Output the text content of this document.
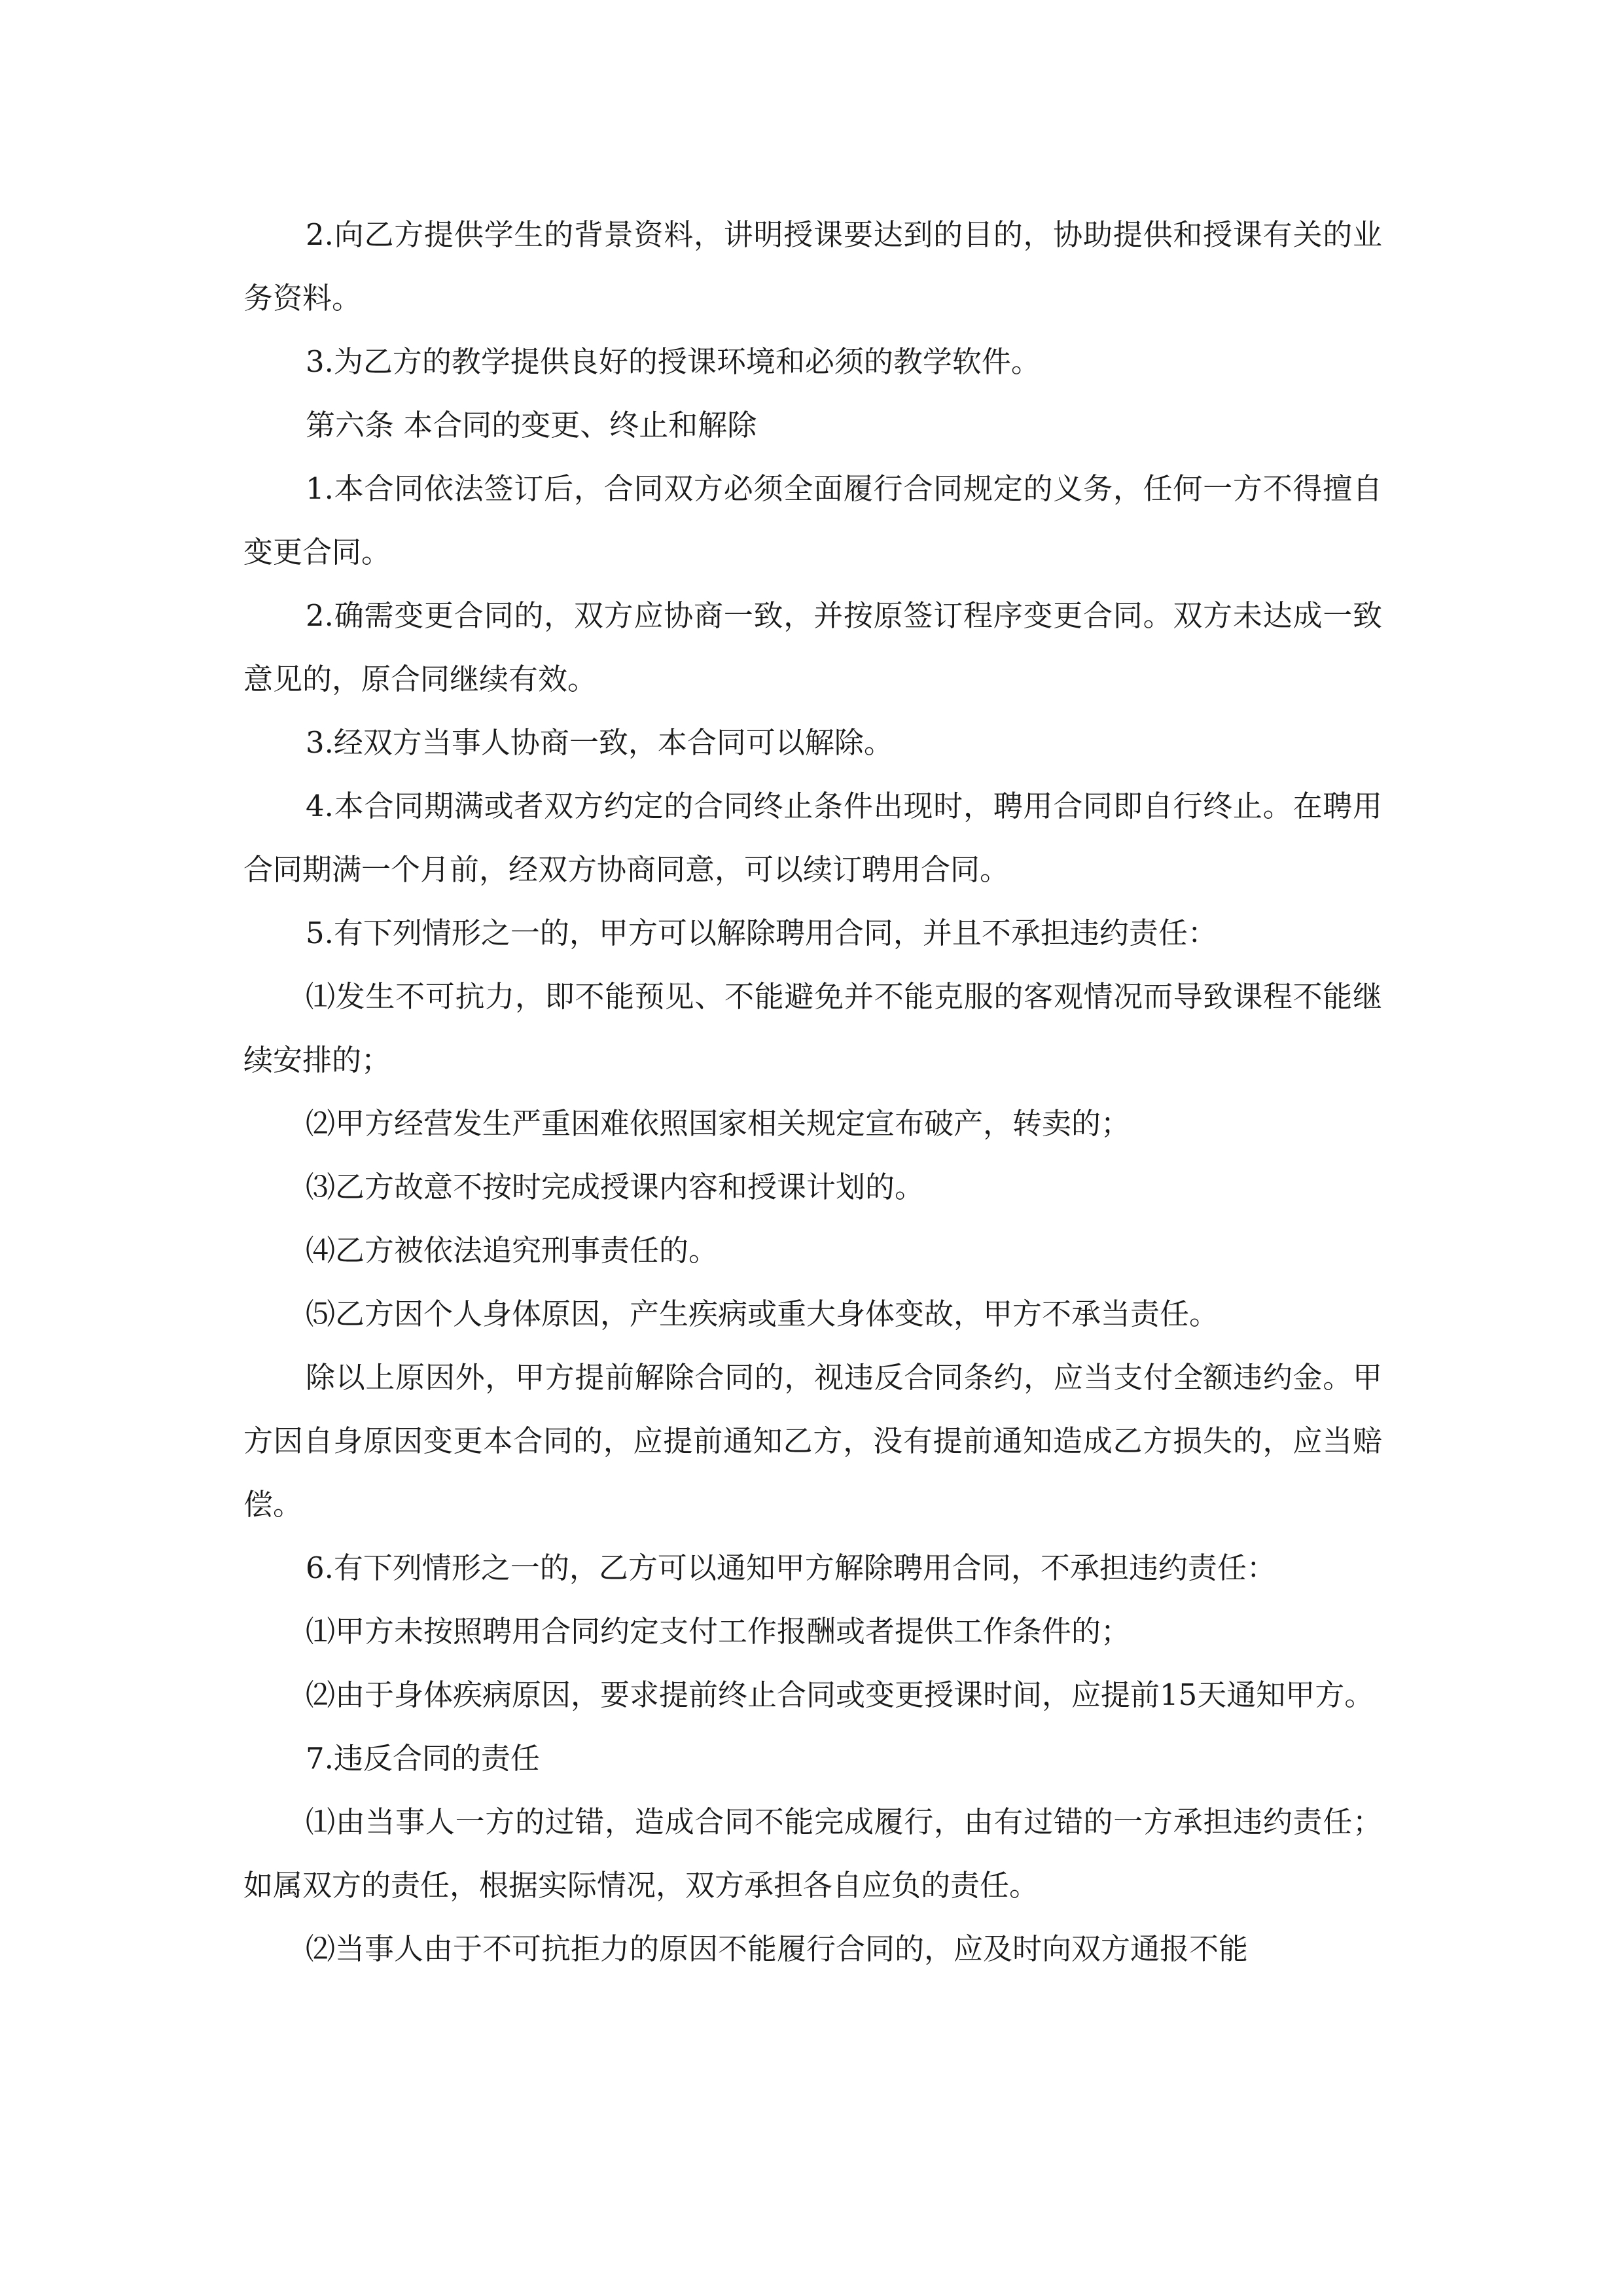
2.向乙方提供学生的背景资料，讲明授课要达到的目的，协助提供和授课有关的业务资料。

3.为乙方的教学提供良好的授课环境和必须的教学软件。

第六条 本合同的变更、终止和解除

1.本合同依法签订后，合同双方必须全面履行合同规定的义务，任何一方不得擅自变更合同。

2.确需变更合同的，双方应协商一致，并按原签订程序变更合同。双方未达成一致意见的，原合同继续有效。

3.经双方当事人协商一致，本合同可以解除。

4.本合同期满或者双方约定的合同终止条件出现时，聘用合同即自行终止。在聘用合同期满一个月前，经双方协商同意，可以续订聘用合同。

5.有下列情形之一的，甲方可以解除聘用合同，并且不承担违约责任：

⑴发生不可抗力，即不能预见、不能避免并不能克服的客观情况而导致课程不能继续安排的；

⑵甲方经营发生严重困难依照国家相关规定宣布破产，转卖的；

⑶乙方故意不按时完成授课内容和授课计划的。

⑷乙方被依法追究刑事责任的。

⑸乙方因个人身体原因，产生疾病或重大身体变故，甲方不承当责任。

除以上原因外，甲方提前解除合同的，视违反合同条约，应当支付全额违约金。甲方因自身原因变更本合同的，应提前通知乙方，没有提前通知造成乙方损失的，应当赔偿。

6.有下列情形之一的，乙方可以通知甲方解除聘用合同，不承担违约责任：

⑴甲方未按照聘用合同约定支付工作报酬或者提供工作条件的；

⑵由于身体疾病原因，要求提前终止合同或变更授课时间，应提前15天通知甲方。

7.违反合同的责任

⑴由当事人一方的过错，造成合同不能完成履行，由有过错的一方承担违约责任；如属双方的责任，根据实际情况，双方承担各自应负的责任。

⑵当事人由于不可抗拒力的原因不能履行合同的，应及时向双方通报不能
